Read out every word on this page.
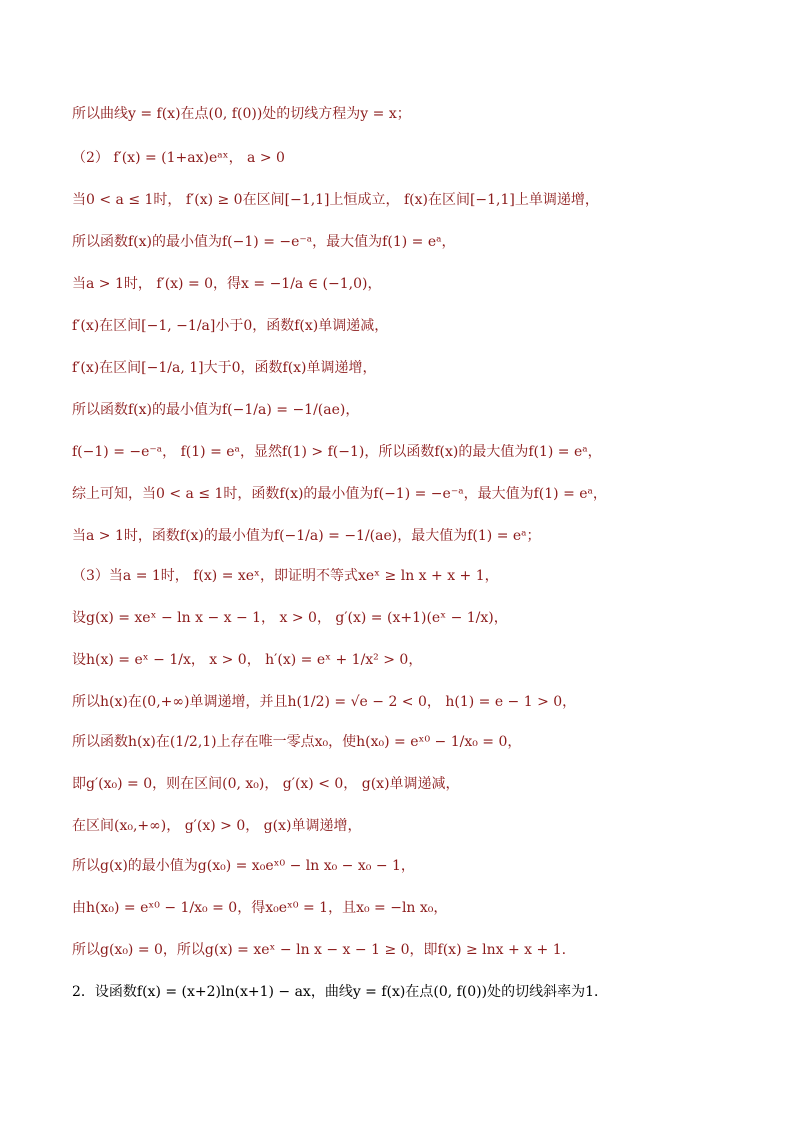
所以曲线y = f(x)在点(0, f(0))处的切线方程为y = x；
（2） f′(x) = (1+ax)eᵃˣ， a > 0
当0 < a ≤ 1时， f′(x) ≥ 0在区间[−1,1]上恒成立， f(x)在区间[−1,1]上单调递增，
所以函数f(x)的最小值为f(−1) = −e⁻ᵃ，最大值为f(1) = eᵃ，
当a > 1时， f′(x) = 0，得x = −1/a ∈ (−1,0)，
f′(x)在区间[−1, −1/a]小于0，函数f(x)单调递减，
f′(x)在区间[−1/a, 1]大于0，函数f(x)单调递增，
所以函数f(x)的最小值为f(−1/a) = −1/(ae)，
f(−1) = −e⁻ᵃ， f(1) = eᵃ，显然f(1) > f(−1)，所以函数f(x)的最大值为f(1) = eᵃ，
综上可知，当0 < a ≤ 1时，函数f(x)的最小值为f(−1) = −e⁻ᵃ，最大值为f(1) = eᵃ，
当a > 1时，函数f(x)的最小值为f(−1/a) = −1/(ae)，最大值为f(1) = eᵃ；
（3）当a = 1时， f(x) = xeˣ，即证明不等式xeˣ ≥ ln x + x + 1，
设g(x) = xeˣ − ln x − x − 1， x > 0， g′(x) = (x+1)(eˣ − 1/x)，
设h(x) = eˣ − 1/x， x > 0， h′(x) = eˣ + 1/x² > 0，
所以h(x)在(0,+∞)单调递增，并且h(1/2) = √e − 2 < 0， h(1) = e − 1 > 0，
所以函数h(x)在(1/2,1)上存在唯一零点x₀，使h(x₀) = eˣ⁰ − 1/x₀ = 0，
即g′(x₀) = 0，则在区间(0, x₀)， g′(x) < 0， g(x)单调递减，
在区间(x₀,+∞)， g′(x) > 0， g(x)单调递增，
所以g(x)的最小值为g(x₀) = x₀eˣ⁰ − ln x₀ − x₀ − 1，
由h(x₀) = eˣ⁰ − 1/x₀ = 0，得x₀eˣ⁰ = 1，且x₀ = −ln x₀，
所以g(x₀) = 0，所以g(x) = xeˣ − ln x − x − 1 ≥ 0，即f(x) ≥ lnx + x + 1.
2．设函数f(x) = (x+2)ln(x+1) − ax，曲线y = f(x)在点(0, f(0))处的切线斜率为1．
